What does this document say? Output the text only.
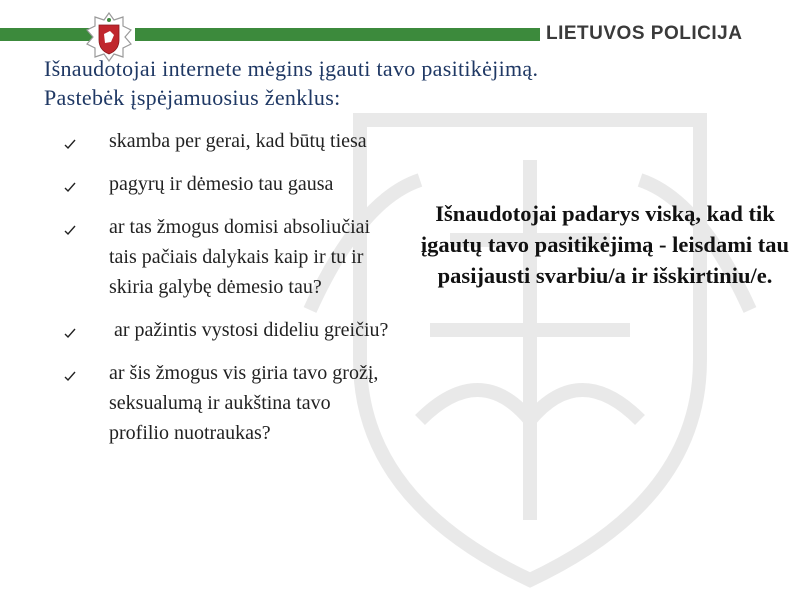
LIETUVOS POLICIJA
Išnaudotojai internete mėgins įgauti tavo pasitikėjimą.
Pastebėk įspėjamuosius ženklus:
skamba per gerai, kad būtų tiesa
pagyrų ir dėmesio tau gausa
ar tas žmogus domisi absoliučiai tais pačiais dalykais kaip ir tu ir skiria galybę dėmesio tau?
ar pažintis vystosi dideliu greičiu?
ar šis žmogus vis giria tavo grožį, seksualumą ir aukština tavo profilio nuotraukas?
Išnaudotojai padarys viską, kad tik įgautų tavo pasitikėjimą - leisdami tau pasijausti svarbiu/a ir išskirtiniu/e.
